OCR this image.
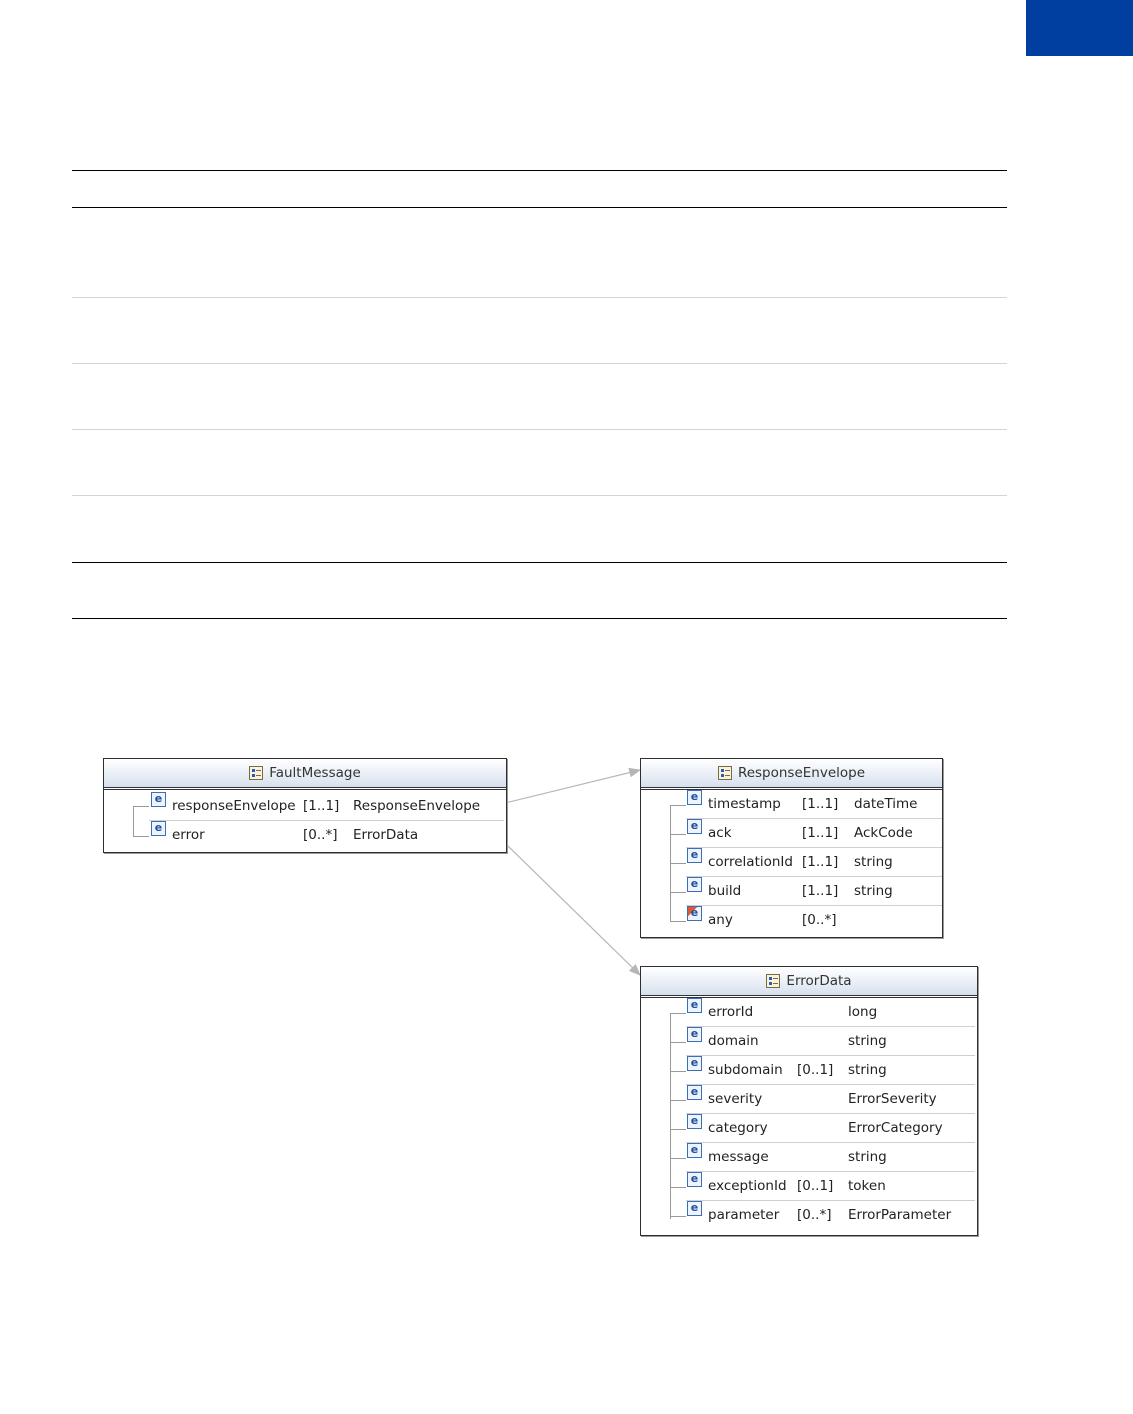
FaultMessage
e responseEnvelope [1..1] ResponseEnvelope
e error	[0..*] ErrorData
ResponseEnvelope
e timestamp [1..1] dateTime
e ack	[1..1] AckCode
e correlationId [1..1] string
e build	[1..1] string
e any	[0..*]
ErrorData
e errorId	long
e domain	string
e subdomain [0..1] string
e severity	ErrorSeverity
e category	ErrorCategory
e message	string
e exceptionId [0..1] token
e parameter [0..*] ErrorParameter
